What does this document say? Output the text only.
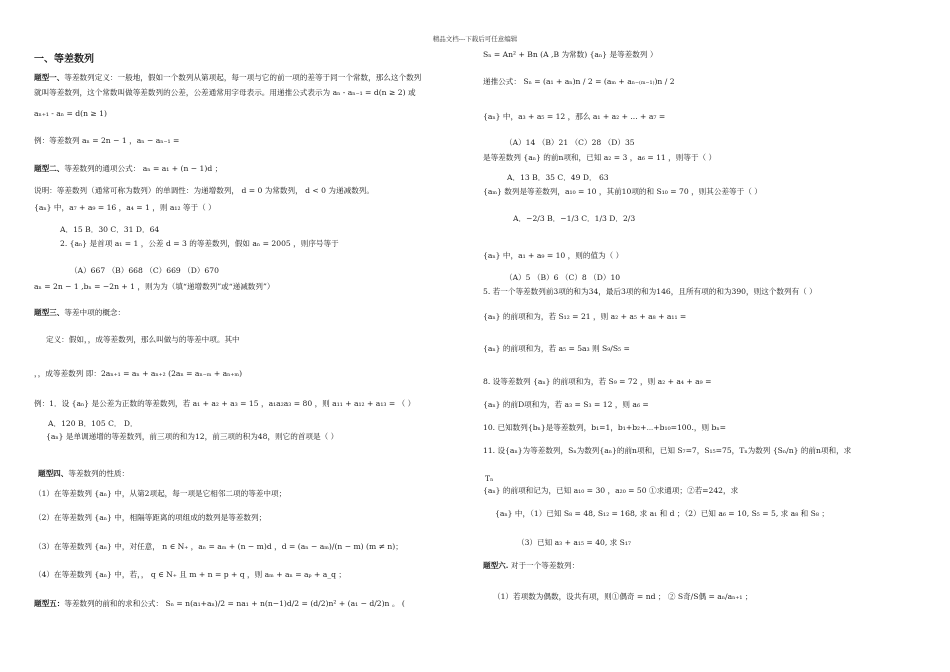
精品文档---下载后可任意编辑
一、等差数列
题型一、等差数列定义：一般地，假如一个数列从第项起，每一项与它的前一项的差等于同一个常数，那么这个数列
就叫等差数列，这个常数叫做等差数列的公差，公差通常用字母表示。用递推公式表示为 aₙ - aₙ₋₁ = d(n ≥ 2) 或
aₙ₊₁ - aₙ = d(n ≥ 1)
例：等差数列 aₙ = 2n − 1 ，aₙ − aₙ₋₁ =
题型二、等差数列的通项公式： aₙ = a₁ + (n − 1)d ；
说明：等差数列（通常可称为数列）的单调性：为递增数列， d = 0 为常数列， d < 0 为递减数列。
{aₙ} 中，a₇ + a₉ = 16 ，a₄ = 1 ，则 a₁₂ 等于（ ）
A．15 B．30 C．31 D．64
2. {aₙ} 是首项 a₁ = 1 ，公差 d = 3 的等差数列，假如 aₙ = 2005 ，则序号等于
（A）667 （B）668 （C）669 （D）670
aₙ = 2n − 1 ,bₙ = −2n + 1 ，则为为（填“递增数列”或“递减数列”）
题型三、等差中项的概念：
定义：假如，，成等差数列，那么叫做与的等差中项。其中
，，成等差数列 即：2aₙ₊₁ = aₙ + aₙ₊₂ (2aₙ = aₙ₋ₘ + aₙ₊ₘ)
例：1．设 {aₙ} 是公差为正数的等差数列，若 a₁ + a₂ + a₃ = 15 ，a₁a₂a₃ = 80 ，则 a₁₁ + a₁₂ + a₁₃ = （ ）
A．120 B．105 C． D．
{aₙ} 是单调递增的等差数列，前三项的和为12，前三项的积为48，则它的首项是（ ）
题型四、等差数列的性质：
（1）在等差数列 {aₙ} 中，从第2项起，每一项是它相邻二项的等差中项；
（2）在等差数列 {aₙ} 中，相隔等距离的项组成的数列是等差数列；
（3）在等差数列 {aₙ} 中，对任意， n ∈ N₊ ，aₙ = aₘ + (n − m)d ，d = (aₙ − aₘ)/(n − m) (m ≠ n)；
（4）在等差数列 {aₙ} 中，若，， q ∈ N₊ 且 m + n = p + q ，则 aₘ + aₙ = aₚ + a_q ；
题型五：等差数列的前和的求和公式： Sₙ = n(a₁+aₙ)/2 = na₁ + n(n−1)d/2 = (d/2)n² + (a₁ − d/2)n 。 (
Sₙ = An² + Bn (A ,B 为常数) {aₙ} 是等差数列 ）
递推公式： Sₙ = (a₁ + aₙ)n / 2 = (aₘ + aₙ₋₍ₘ₋₁₎)n / 2
{aₙ} 中，a₃ + a₅ = 12 ，那么 a₁ + a₂ + ... + a₇ =
（A）14 （B）21 （C）28 （D）35
是等差数列 {aₙ} 的前n项和，已知 a₂ = 3 ，a₆ = 11 ，则等于（ ）
A．13 B．35 C．49 D． 63
{aₘ} 数列是等差数列，a₁₀ = 10 ，其前10项的和 S₁₀ = 70 ，则其公差等于（ ）
A．−2/3 B．−1/3 C．1/3 D．2/3
{aₙ} 中，a₁ + a₉ = 10 ，则的值为（ ）
（A）5 （B）6 （C）8 （D）10
5. 若一个等差数列前3项的和为34，最后3项的和为146，且所有项的和为390，则这个数列有（ ）
{aₙ} 的前项和为，若 S₁₂ = 21 ，则 a₂ + a₅ + a₈ + a₁₁ =
{aₙ} 的前项和为，若 a₅ = 5a₃ 则 S₉/S₅ =
8. 设等差数列 {aₙ} 的前项和为，若 S₉ = 72 ，则 a₂ + a₄ + a₉ =
{aₙ} 的前D项和为，若 a₃ = S₃ = 12 ，则 a₆ =
10. 已知数列{bₙ}是等差数列，b₁=1，b₁+b₂+⋯+b₁₀=100.，则 bₙ=
11. 设{aₙ}为等差数列，Sₙ为数列{aₙ}的前n项和，已知 S₇=7，S₁₅=75，Tₙ为数列 {Sₙ/n} 的前n项和，求
Tₙ
{aₙ} 的前项和记为，已知 a₁₀ = 30 ，a₂₀ = 50 ①求通项；②若=242，求
{aₙ} 中，（1）已知 S₈ = 48, S₁₂ = 168, 求 a₁ 和 d ；（2）已知 a₆ = 10, S₅ = 5, 求 a₈ 和 S₈ ；
（3）已知 a₃ + a₁₅ = 40, 求 S₁₇
题型六. 对于一个等差数列：
（1）若项数为偶数，设共有项，则①偶奇 = nd ； ② S奇/S偶 = aₙ/aₙ₊₁ ；
